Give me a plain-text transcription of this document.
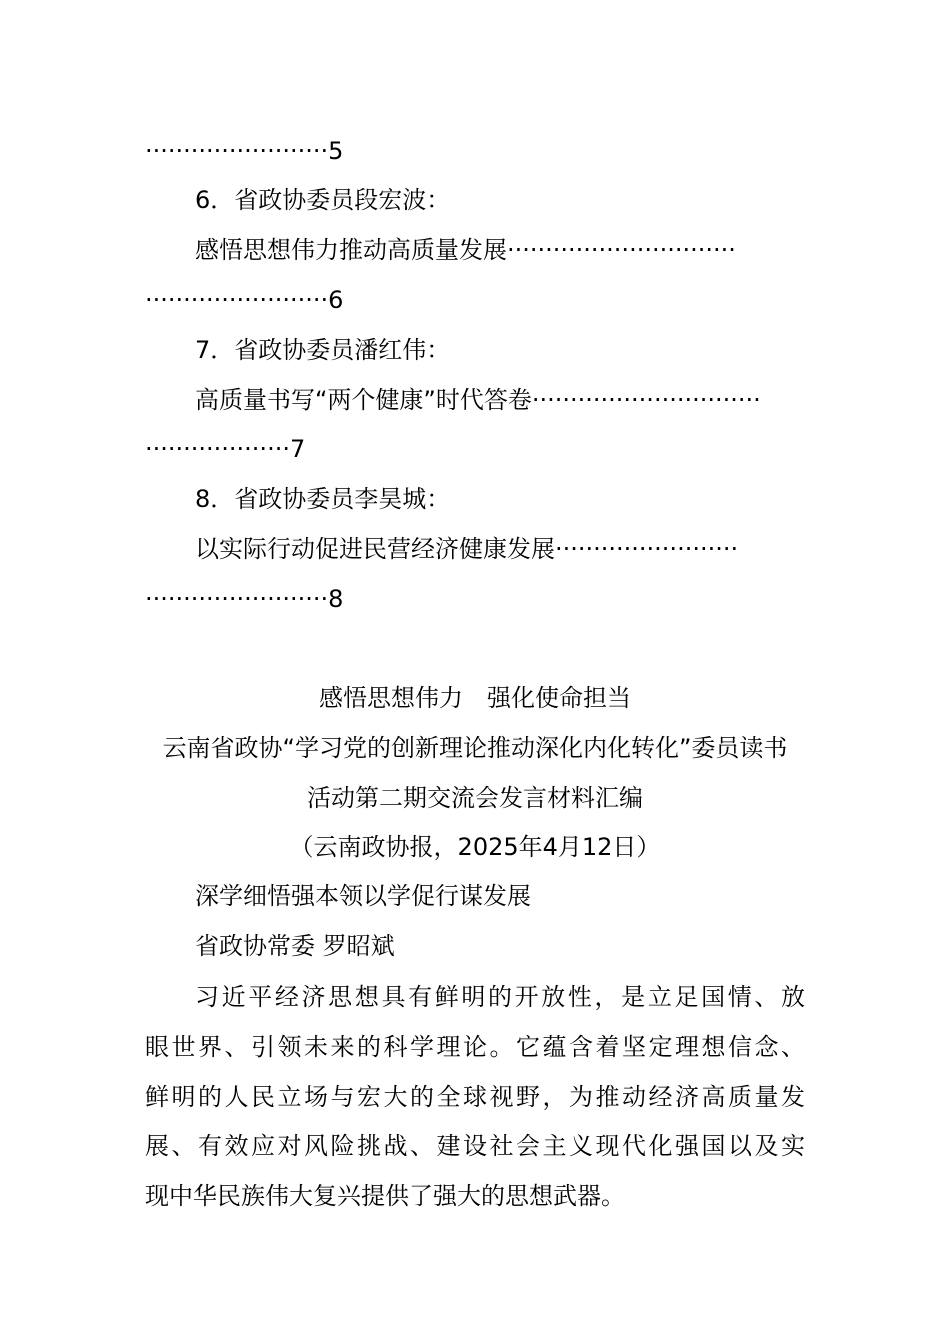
························5
6．省政协委员段宏波：
感悟思想伟力推动高质量发展 ······························
························6
7．省政协委员潘红伟：
高质量书写“两个健康”时代答卷 ······························
···················7
8．省政协委员李昊城：
以实际行动促进民营经济健康发展 ························
························8
感悟思想伟力　强化使命担当
云南省政协“学习党的创新理论推动深化内化转化”委员读书
活动第二期交流会发言材料汇编
（云南政协报，2025年4月12日）
深学细悟强本领以学促行谋发展
省政协常委 罗昭斌
习近平经济思想具有鲜明的开放性，是立足国情、放
眼世界、引领未来的科学理论。它蕴含着坚定理想信念、
鲜明的人民立场与宏大的全球视野，为推动经济高质量发
展、有效应对风险挑战、建设社会主义现代化强国以及实
现中华民族伟大复兴提供了强大的思想武器。
